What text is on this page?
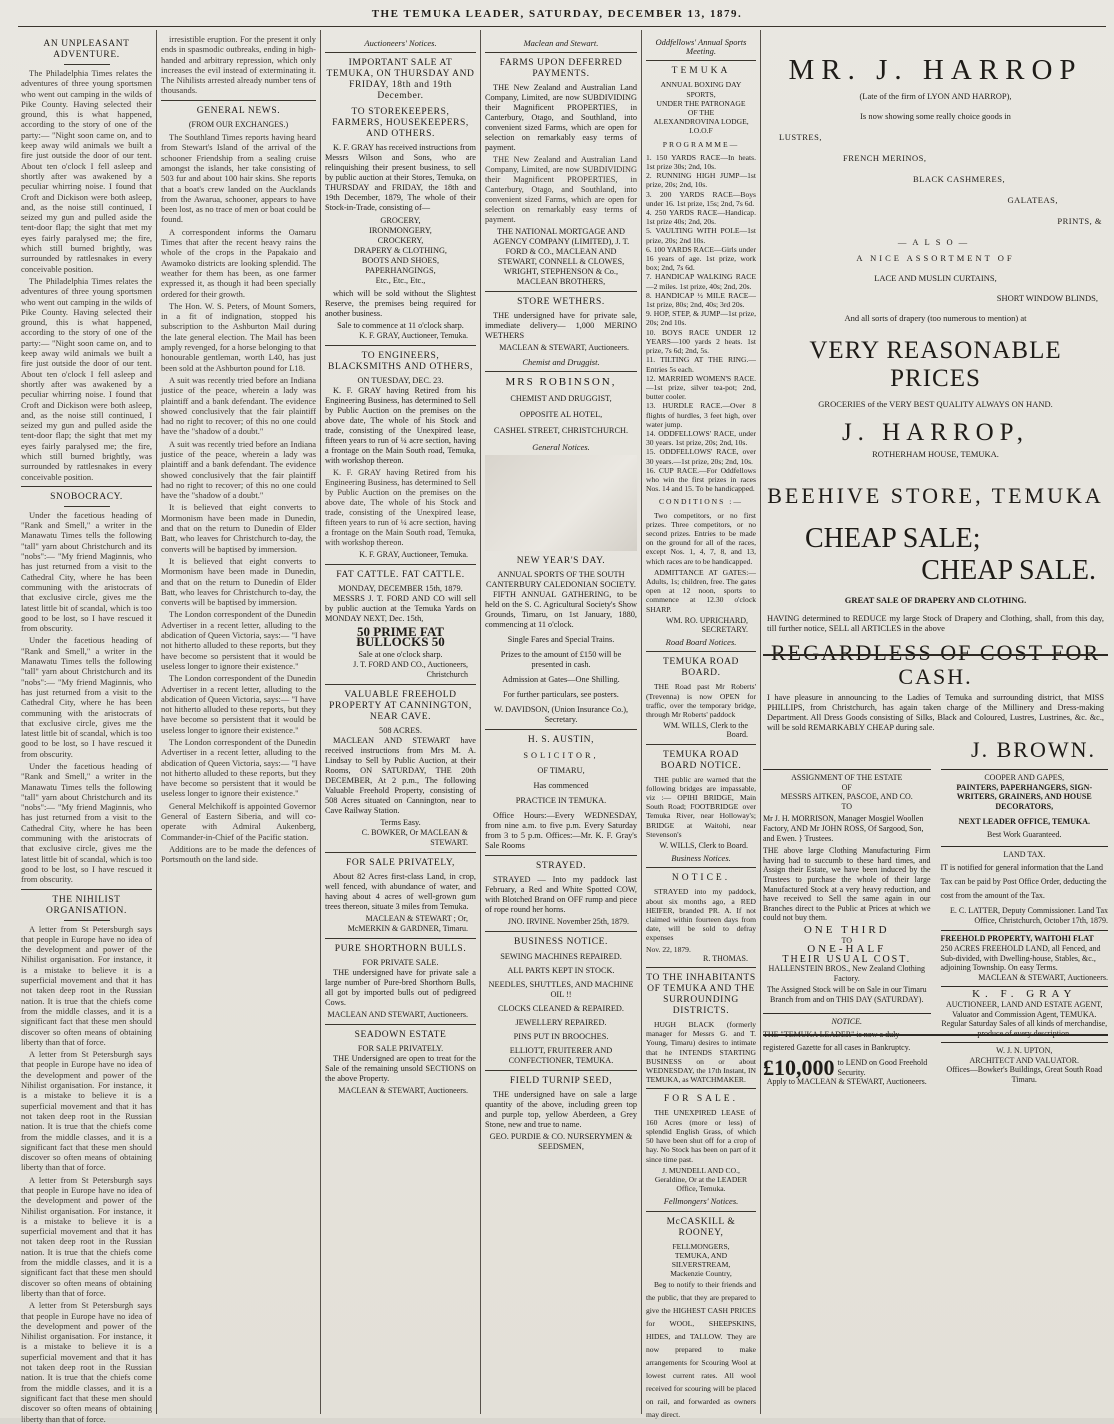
THE TEMUKA LEADER, SATURDAY, DECEMBER 13, 1879.
AN UNPLEASANT ADVENTURE.

The Philadelphia Times relates the adventures of three young sportsmen who went out camping in the wilds of Pike County. Having selected their ground, this is what happened, according to the story of one of the party:— "Night soon came on, and to keep away wild animals we built a fire just outside the door of our tent. About ten o'clock I fell asleep and shortly after was awakened by a peculiar whirring noise. I found that Croft and Dickison were both asleep, and, as the noise still continued, I seized my gun and pulled aside the tent-door flap; the sight that met my eyes fairly paralysed me; the fire, which still burned brightly, was surrounded by rattlesnakes in every conceivable position.

The Philadelphia Times relates the adventures of three young sportsmen who went out camping in the wilds of Pike County. Having selected their ground, this is what happened, according to the story of one of the party:— "Night soon came on, and to keep away wild animals we built a fire just outside the door of our tent. About ten o'clock I fell asleep and shortly after was awakened by a peculiar whirring noise. I found that Croft and Dickison were both asleep, and, as the noise still continued, I seized my gun and pulled aside the tent-door flap; the sight that met my eyes fairly paralysed me; the fire, which still burned brightly, was surrounded by rattlesnakes in every conceivable position.

SNOBOCRACY.

Under the facetious heading of "Rank and Smell," a writer in the Manawatu Times tells the following "tall" yarn about Christchurch and its "nobs":— "My friend Maginnis, who has just returned from a visit to the Cathedral City, where he has been communing with the aristocrats of that exclusive circle, gives me the latest little bit of scandal, which is too good to be lost, so I have rescued it from obscurity.

Under the facetious heading of "Rank and Smell," a writer in the Manawatu Times tells the following "tall" yarn about Christchurch and its "nobs":— "My friend Maginnis, who has just returned from a visit to the Cathedral City, where he has been communing with the aristocrats of that exclusive circle, gives me the latest little bit of scandal, which is too good to be lost, so I have rescued it from obscurity.

Under the facetious heading of "Rank and Smell," a writer in the Manawatu Times tells the following "tall" yarn about Christchurch and its "nobs":— "My friend Maginnis, who has just returned from a visit to the Cathedral City, where he has been communing with the aristocrats of that exclusive circle, gives me the latest little bit of scandal, which is too good to be lost, so I have rescued it from obscurity.

THE NIHILIST ORGANISATION.

A letter from St Petersburgh says that people in Europe have no idea of the development and power of the Nihilist organisation. For instance, it is a mistake to believe it is a superficial movement and that it has not taken deep root in the Russian nation. It is true that the chiefs come from the middle classes, and it is a significant fact that these men should discover so often means of obtaining liberty than that of force.

A letter from St Petersburgh says that people in Europe have no idea of the development and power of the Nihilist organisation. For instance, it is a mistake to believe it is a superficial movement and that it has not taken deep root in the Russian nation. It is true that the chiefs come from the middle classes, and it is a significant fact that these men should discover so often means of obtaining liberty than that of force.

A letter from St Petersburgh says that people in Europe have no idea of the development and power of the Nihilist organisation. For instance, it is a mistake to believe it is a superficial movement and that it has not taken deep root in the Russian nation. It is true that the chiefs come from the middle classes, and it is a significant fact that these men should discover so often means of obtaining liberty than that of force.

A letter from St Petersburgh says that people in Europe have no idea of the development and power of the Nihilist organisation. For instance, it is a mistake to believe it is a superficial movement and that it has not taken deep root in the Russian nation. It is true that the chiefs come from the middle classes, and it is a significant fact that these men should discover so often means of obtaining liberty than that of force.

irresistible eruption. For the present it only ends in spasmodic outbreaks, ending in high-handed and arbitrary repression, which only increases the evil instead of exterminating it. The Nihilists arrested already number tens of thousands.

GENERAL NEWS.
(FROM OUR EXCHANGES.)

The Southland Times reports having heard from Stewart's Island of the arrival of the schooner Friendship from a sealing cruise amongst the islands, her take consisting of 503 fur and about 100 hair skins. She reports that a boat's crew landed on the Aucklands from the Awarua, schooner, appears to have been lost, as no trace of men or boat could be found.

A correspondent informs the Oamaru Times that after the recent heavy rains the whole of the crops in the Papakaio and Awamoko districts are looking splendid. The weather for them has been, as one farmer expressed it, as though it had been specially ordered for their growth.

The Hon. W. S. Peters, of Mount Somers, in a fit of indignation, stopped his subscription to the Ashburton Mail during the late general election. The Mail has been amply revenged, for a horse belonging to that honourable gentleman, worth L40, has just been sold at the Ashburton pound for L18.

A suit was recently tried before an Indiana justice of the peace, wherein a lady was plaintiff and a bank defendant. The evidence showed conclusively that the fair plaintiff had no right to recover; of this no one could have the "shadow of a doubt."

A suit was recently tried before an Indiana justice of the peace, wherein a lady was plaintiff and a bank defendant. The evidence showed conclusively that the fair plaintiff had no right to recover; of this no one could have the "shadow of a doubt."

It is believed that eight converts to Mormonism have been made in Dunedin, and that on the return to Dunedin of Elder Batt, who leaves for Christchurch to-day, the converts will be baptised by immersion.

It is believed that eight converts to Mormonism have been made in Dunedin, and that on the return to Dunedin of Elder Batt, who leaves for Christchurch to-day, the converts will be baptised by immersion.

The London correspondent of the Dunedin Advertiser in a recent letter, alluding to the abdication of Queen Victoria, says:— "I have not hitherto alluded to these reports, but they have become so persistent that it would be useless longer to ignore their existence."

The London correspondent of the Dunedin Advertiser in a recent letter, alluding to the abdication of Queen Victoria, says:— "I have not hitherto alluded to these reports, but they have become so persistent that it would be useless longer to ignore their existence."

The London correspondent of the Dunedin Advertiser in a recent letter, alluding to the abdication of Queen Victoria, says:— "I have not hitherto alluded to these reports, but they have become so persistent that it would be useless longer to ignore their existence."

General Melchikoff is appointed Governor General of Eastern Siberia, and will co-operate with Admiral Aukenberg, Commander-in-Chief of the Pacific station.

Additions are to be made the defences of Portsmouth on the land side.

Auctioneers' Notices.
IMPORTANT SALE AT TEMUKA, ON THURSDAY AND FRIDAY, 18th and 19th December.
TO STOREKEEPERS, FARMERS, HOUSEKEEPERS, AND OTHERS.

K. F. GRAY has received instructions from Messrs Wilson and Sons, who are relinquishing their present business, to sell by public auction at their Stores, Temuka, on THURSDAY and FRIDAY, the 18th and 19th December, 1879, The whole of their Stock-in-Trade, consisting of—

GROCERY,
IRONMONGERY,
CROCKERY,
DRAPERY & CLOTHING,
BOOTS AND SHOES,
PAPERHANGINGS,
Etc., Etc., Etc.,

which will be sold without the Slightest Reserve, the premises being required for another business.

Sale to commence at 11 o'clock sharp.
K. F. GRAY, Auctioneer, Temuka.
TO ENGINEERS, BLACKSMITHS AND OTHERS,
ON TUESDAY, DEC. 23.

K. F. GRAY having Retired from his Engineering Business, has determined to Sell by Public Auction on the premises on the above date, The whole of his Stock and trade, consisting of the Unexpired lease, fifteen years to run of ¼ acre section, having a frontage on the Main South road, Temuka, with workshop thereon.

K. F. GRAY having Retired from his Engineering Business, has determined to Sell by Public Auction on the premises on the above date, The whole of his Stock and trade, consisting of the Unexpired lease, fifteen years to run of ¼ acre section, having a frontage on the Main South road, Temuka, with workshop thereon.

K. F. GRAY, Auctioneer, Temuka.
FAT CATTLE. FAT CATTLE.
MONDAY, DECEMBER 15th, 1879.

MESSRS J. T. FORD AND CO will sell by public auction at the Temuka Yards on MONDAY NEXT, Dec. 15th,

50 PRIME FAT BULLOCKS 50
Sale at one o'clock sharp.
J. T. FORD AND CO., Auctioneers, Christchurch
VALUABLE FREEHOLD PROPERTY AT CANNINGTON, NEAR CAVE.
508 ACRES.

MACLEAN AND STEWART have received instructions from Mrs M. A. Lindsay to Sell by Public Auction, at their Rooms, ON SATURDAY, THE 20th DECEMBER, At 2 p.m., The following Valuable Freehold Property, consisting of 508 Acres situated on Cannington, near to Cave Railway Station.

Terms Easy.
C. BOWKER, Or MACLEAN & STEWART.
FOR SALE PRIVATELY,

About 82 Acres first-class Land, in crop, well fenced, with abundance of water, and having about 4 acres of well-grown gum trees thereon, situate 3 miles from Temuka.

MACLEAN & STEWART ; Or, McMERKIN & GARDNER, Timaru.
PURE SHORTHORN BULLS.
FOR PRIVATE SALE.

THE undersigned have for private sale a large number of Pure-bred Shorthorn Bulls, all got by imported bulls out of pedigreed Cows.

MACLEAN AND STEWART, Auctioneers.
SEADOWN ESTATE
FOR SALE PRIVATELY.

THE Undersigned are open to treat for the Sale of the remaining unsold SECTIONS on the above Property.

MACLEAN & STEWART, Auctioneers.
Maclean and Stewart.
FARMS UPON DEFERRED PAYMENTS.

THE New Zealand and Australian Land Company, Limited, are now SUBDIVIDING their Magnificent PROPERTIES, in Canterbury, Otago, and Southland, into convenient sized Farms, which are open for selection on remarkably easy terms of payment.

THE New Zealand and Australian Land Company, Limited, are now SUBDIVIDING their Magnificent PROPERTIES, in Canterbury, Otago, and Southland, into convenient sized Farms, which are open for selection on remarkably easy terms of payment.

THE NATIONAL MORTGAGE AND AGENCY COMPANY (LIMITED), J. T. FORD & CO., MACLEAN AND STEWART, CONNELL & CLOWES, WRIGHT, STEPHENSON & Co., MACLEAN BROTHERS,
STORE WETHERS.

THE undersigned have for private sale, immediate delivery— 1,000 MERINO WETHERS

MACLEAN & STEWART, Auctioneers.
Chemist and Druggist.
MRS ROBINSON,
CHEMIST AND DRUGGIST,
OPPOSITE AL HOTEL,
CASHEL STREET, CHRISTCHURCH.
General Notices.
NEW YEAR'S DAY.
ANNUAL SPORTS OF THE SOUTH CANTERBURY CALEDONIAN SOCIETY.

FIFTH ANNUAL GATHERING, to be held on the S. C. Agricultural Society's Show Grounds, Timaru, on 1st January, 1880, commencing at 11 o'clock.

Single Fares and Special Trains.
Prizes to the amount of £150 will be presented in cash.
Admission at Gates—One Shilling.
For further particulars, see posters.
W. DAVIDSON, (Union Insurance Co.), Secretary.
H. S. AUSTIN,
SOLICITOR,
OF TIMARU,
Has commenced
PRACTICE IN TEMUKA.

Office Hours:—Every WEDNESDAY, from nine a.m. to five p.m. Every Saturday from 3 to 5 p.m. Offices:—Mr. K. F. Gray's Sale Rooms

STRAYED.

STRAYED — Into my paddock last February, a Red and White Spotted COW, with Blotched Brand on OFF rump and piece of rope round her horns.

JNO. IRVINE. November 25th, 1879.
BUSINESS NOTICE.
SEWING MACHINES REPAIRED.
ALL PARTS KEPT IN STOCK.
NEEDLES, SHUTTLES, AND MACHINE OIL !!
CLOCKS CLEANED & REPAIRED.
JEWELLERY REPAIRED.
PINS PUT IN BROOCHES.
ELLIOTT, FRUITERER AND CONFECTIONER, TEMUKA.
FIELD TURNIP SEED,

THE undersigned have on sale a large quantity of the above, including green top and purple top, yellow Aberdeen, a Grey Stone, new and true to name.

GEO. PURDIE & CO. NURSERYMEN & SEEDSMEN,
Oddfellows' Annual Sports Meeting.
TEMUKA
ANNUAL BOXING DAY SPORTS,
UNDER THE PATRONAGE
OF THE
ALEXANDROVINA LODGE, I.O.O.F
PROGRAMME—
1. 150 YARDS RACE—In heats. 1st prize 30s; 2nd, 10s.
2. RUNNING HIGH JUMP—1st prize, 20s; 2nd, 10s.
3. 200 YARDS RACE—Boys under 16. 1st prize, 15s; 2nd, 7s 6d.
4. 250 YARDS RACE—Handicap. 1st prize 40s; 2nd, 20s.
5. VAULTING WITH POLE—1st prize, 20s; 2nd 10s.
6. 100 YARDS RACE—Girls under 16 years of age. 1st prize, work box; 2nd, 7s 6d.
7. HANDICAP WALKING RACE—2 miles. 1st prize, 40s; 2nd, 20s.
8. HANDICAP ½ MILE RACE—1st prize, 80s; 2nd, 40s; 3rd 20s.
9. HOP, STEP, & JUMP—1st prize, 20s; 2nd 10s.
10. BOYS RACE UNDER 12 YEARS—100 yards 2 heats. 1st prize, 7s 6d; 2nd, 5s.
11. TILTING AT THE RING.—Entries 5s each.
12. MARRIED WOMEN'S RACE.—1st prize, silver tea-pot; 2nd, butter cooler.
13. HURDLE RACE.—Over 8 flights of hurdles, 3 feet high, over water jump.
14. ODDFELLOWS' RACE, under 30 years. 1st prize, 20s; 2nd, 10s.
15. ODDFELLOWS' RACE, over 30 years.—1st prize, 20s; 2nd, 10s.
16. CUP RACE.—For Oddfellows who win the first prizes in races Nos. 14 and 15. To be handicapped.
CONDITIONS :—

Two competitors, or no first prizes. Three competitors, or no second prizes. Entries to be made on the ground for all of the races, except Nos. 1, 4, 7, 8, and 13, which races are to be handicapped.

ADMITTANCE AT GATES:—Adults, 1s; children, free. The gates open at 12 noon, sports to commence at 12.30 o'clock SHARP.

WM. RO. UPRICHARD, SECRETARY.
Road Board Notices.
TEMUKA ROAD BOARD.

THE Road past Mr Roberts' (Trevenna) is now OPEN for traffic, over the temporary bridge, through Mr Roberts' paddock

WM. WILLS, Clerk to the Board.
TEMUKA ROAD BOARD NOTICE.

THE public are warned that the following bridges are impassable, viz :— OPIHI BRIDGE, Main South Road; FOOTBRIDGE over Temuka River, near Holloway's; BRIDGE at Waitohi, near Stevenson's

W. WILLS, Clerk to Board.
Business Notices.
NOTICE.

STRAYED into my paddock, about six months ago, a RED HEIFER, branded PR. A. If not claimed within fourteen days from date, will be sold to defray expenses

Nov. 22, 1879.
R. THOMAS.
TO THE INHABITANTS OF TEMUKA AND THE SURROUNDING DISTRICTS.

HUGH BLACK (formerly manager for Messrs G. and T. Young, Timaru) desires to intimate that he INTENDS STARTING BUSINESS on or about WEDNESDAY, the 17th Instant, IN TEMUKA, as WATCHMAKER.

FOR SALE.

THE UNEXPIRED LEASE of 160 Acres (more or less) of splendid English Grass, of which 50 have been shut off for a crop of hay. No Stock has been on part of it since time past.

J. MUNDELL AND CO., Geraldine, Or at the LEADER Office, Temuka.
Fellmongers' Notices.
McCASKILL & ROONEY,
FELLMONGERS,
TEMUKA, AND SILVERSTREAM,
Mackenzie Country,

Beg to notify to their friends and the public, that they are prepared to give the HIGHEST CASH PRICES for WOOL, SHEEPSKINS, HIDES, and TALLOW. They are now prepared to make arrangements for Scouring Wool at lowest current rates. All wool received for scouring will be placed on rail, and forwarded as owners may direct.

MR. J. HARROP
(Late of the firm of LYON AND HARROP),
Is now showing some really choice goods in
LUSTRES,
FRENCH MERINOS,
BLACK CASHMERES,
GALATEAS,
PRINTS, &
—ALSO—
A NICE ASSORTMENT OF
LACE AND MUSLIN CURTAINS,
SHORT WINDOW BLINDS,
And all sorts of drapery (too numerous to mention) at
VERY REASONABLE PRICES
GROCERIES of the VERY BEST QUALITY ALWAYS ON HAND.
J. HARROP,
ROTHERHAM HOUSE, TEMUKA.
BEEHIVE STORE, TEMUKA
CHEAP SALE;
CHEAP SALE.
GREAT SALE OF DRAPERY AND CLOTHING.
HAVING determined to REDUCE my large Stock of Drapery and Clothing, shall, from this day, till further notice, SELL all ARTICLES in the above
REGARDLESS OF COST FOR CASH.
I have pleasure in announcing to the Ladies of Temuka and surrounding district, that MISS PHILLIPS, from Christchurch, has again taken charge of the Millinery and Dress-making Department. All Dress Goods consisting of Silks, Black and Coloured, Lustres, Lustrines, &c. &c., will be sold REMARKABLY CHEAP during sale.
J. BROWN.
ASSIGNMENT OF THE ESTATE
OF
MESSRS AITKEN, PASCOE, AND CO.
TO
Mr J. H. MORRISON, Manager Mosgiel Woollen Factory, AND Mr JOHN ROSS, Of Sargood, Son, and Ewen. } Trustees.
THE above large Clothing Manufacturing Firm having had to succumb to these hard times, and Assign their Estate, we have been induced by the Trustees to purchase the whole of their large Manufactured Stock at a very heavy reduction, and have received to Sell the same again in our Branches direct to the Public at Prices at which we could not buy them.
ONE THIRD
TO
ONE-HALF
THEIR USUAL COST.
HALLENSTEIN BROS., New Zealand Clothing Factory.
The Assigned Stock will be on Sale in our Timaru Branch from and on THIS DAY (SATURDAY).
NOTICE.
THE "TEMUKA LEADER" is now a duly registered Gazette for all cases in Bankruptcy.
£10,000 to LEND on Good Freehold Security.
Apply to MACLEAN & STEWART, Auctioneers.
COOPER AND GAPES,
PAINTERS, PAPERHANGERS, SIGN-WRITERS, GRAINERS, AND HOUSE DECORATORS,
NEXT LEADER OFFICE, TEMUKA.
Best Work Guaranteed.
LAND TAX.
IT is notified for general information that the Land Tax can be paid by Post Office Order, deducting the cost from the amount of the Tax.
E. C. LATTER, Deputy Commissioner. Land Tax Office, Christchurch, October 17th, 1879.
FREEHOLD PROPERTY, WAITOHI FLAT
250 ACRES FREEHOLD LAND, all Fenced, and Sub-divided, with Dwelling-house, Stables, &c., adjoining Township. On easy Terms.
MACLEAN & STEWART, Auctioneers.
K. F. GRAY
AUCTIONEER, LAND AND ESTATE AGENT,
Valuator and Commission Agent, TEMUKA. Regular Saturday Sales of all kinds of merchandise, produce of every description.
W. J. N. UPTON,
ARCHITECT AND VALUATOR.
Offices—Bowker's Buildings, Great South Road Timaru.
